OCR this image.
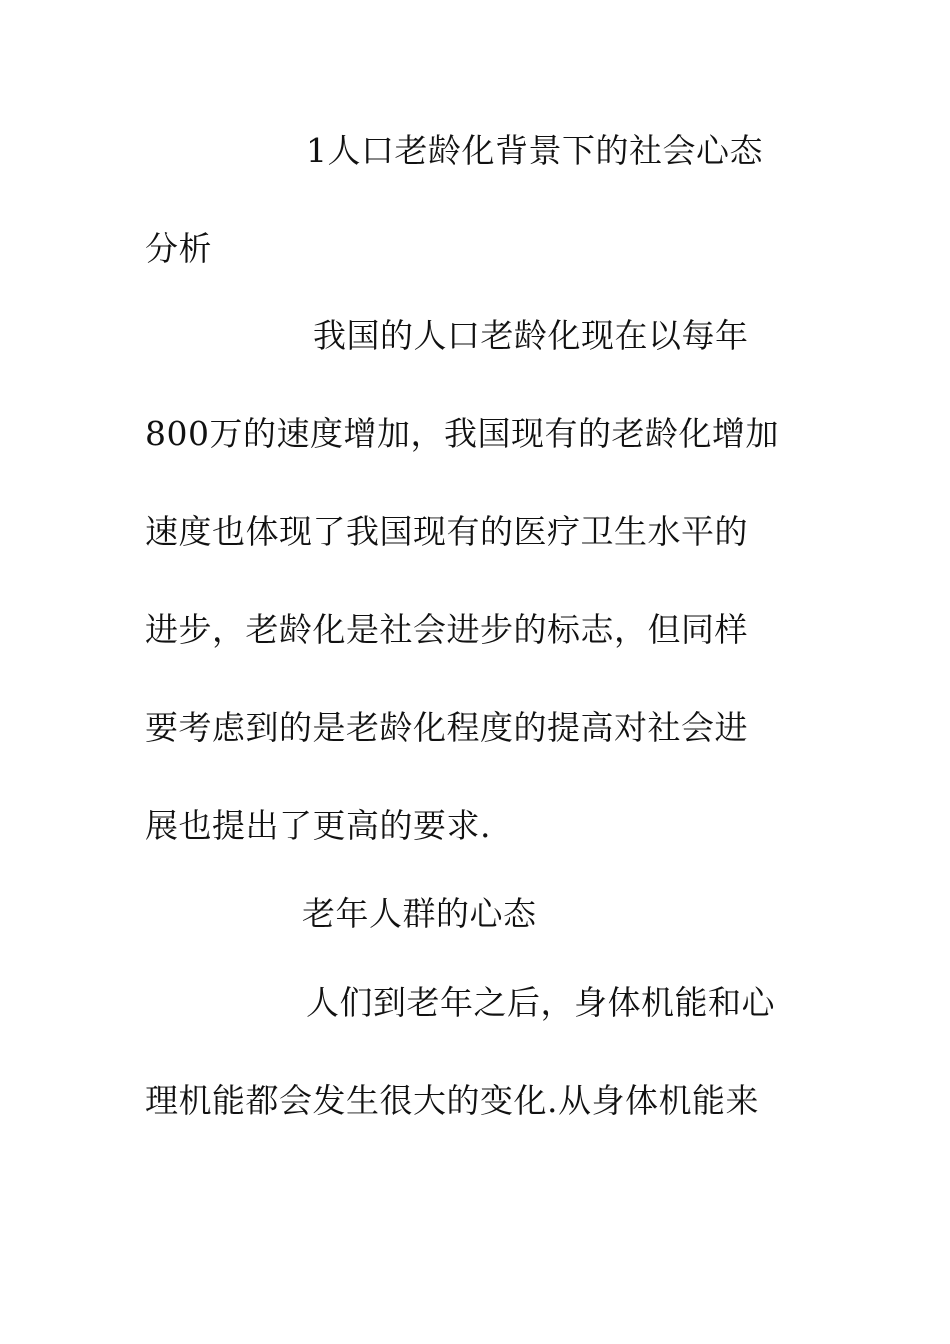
1人口老龄化背景下的社会心态
分析
我国的人口老龄化现在以每年
800万的速度增加，我国现有的老龄化增加
速度也体现了我国现有的医疗卫生水平的
进步，老龄化是社会进步的标志，但同样
要考虑到的是老龄化程度的提高对社会进
展也提出了更高的要求.
老年人群的心态
人们到老年之后，身体机能和心
理机能都会发生很大的变化.从身体机能来
